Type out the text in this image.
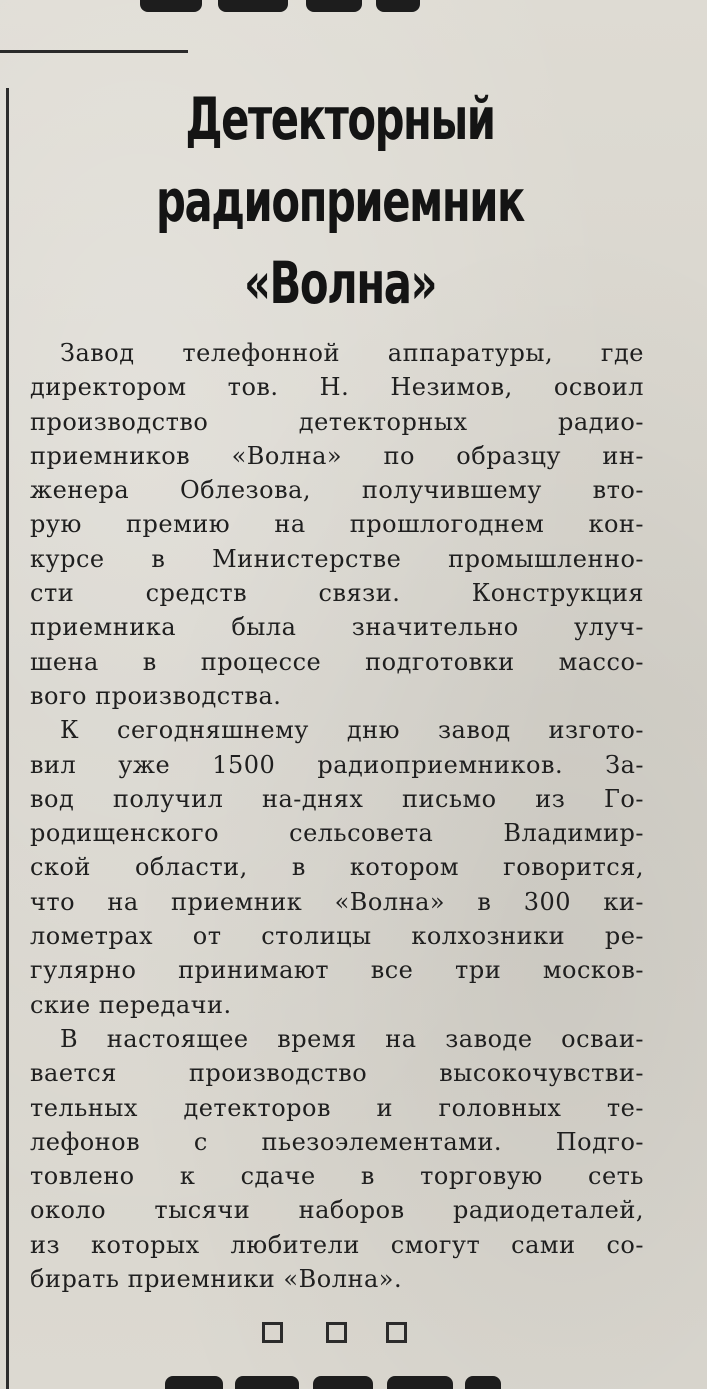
Детекторный
радиоприемник
«Волна»
Завод телефонной аппаратуры, где
директором тов. Н. Незимов, освоил
производство детекторных радио-
приемников «Волна» по образцу ин-
женера Облезова, получившему вто-
рую премию на прошлогоднем кон-
курсе в Министерстве промышленно-
сти средств связи. Конструкция
приемника была значительно улуч-
шена в процессе подготовки массо-
вого производства.
К сегодняшнему дню завод изгото-
вил уже 1500 радиоприемников. За-
вод получил на-днях письмо из Го-
родищенского сельсовета Владимир-
ской области, в котором говорится,
что на приемник «Волна» в 300 ки-
лометрах от столицы колхозники ре-
гулярно принимают все три москов-
ские передачи.
В настоящее время на заводе осваи-
вается производство высокочувстви-
тельных детекторов и головных те-
лефонов с пьезоэлементами. Подго-
товлено к сдаче в торговую сеть
около тысячи наборов радиодеталей,
из которых любители смогут сами со-
бирать приемники «Волна».
